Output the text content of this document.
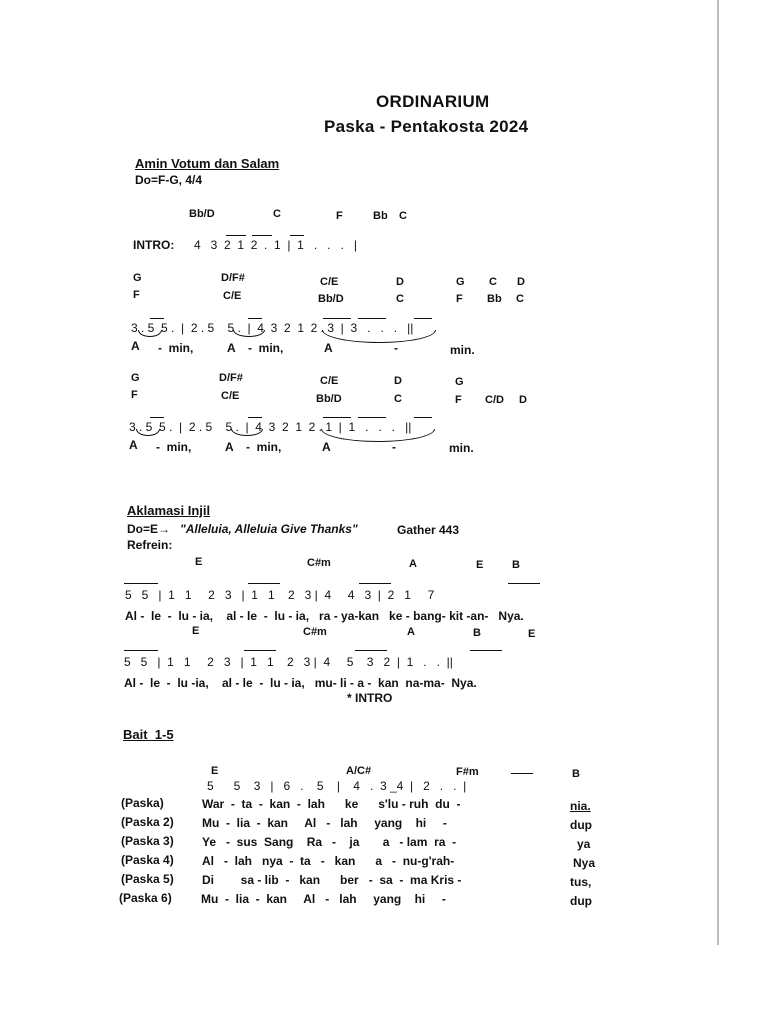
ORDINARIUM
Paska - Pentakosta 2024
Amin Votum dan Salam
Do=F-G, 4/4
Bb/D	C	F	Bb C
INTRO: 4   3  2  1  2  .  1  |  1   .   .   .   |
G	D/F#	C/E	D	G C D
F	C/E	Bb/D	C	F Bb C
3 . 5  5 .  |  2 . 5    5 .  |  4  3  2  1  2 . 3  |  3   .   .   .   ||
A -  min,	A -  min,	A	-	min.
G	D/F#	C/E	D	G
F	C/E	Bb/D	C	F C/D D
3 . 5  5 .  |  2 . 5    5 .  |  4  3  2  1  2 . 1  |  1   .   .   .   ||
A -  min,	A -  min,	A	-	min.
Aklamasi Injil
Do=E→ "Alleluia, Alleluia Give Thanks"	Gather 443
Refrein:
E	C#m	A	E	B
5   5   |  1   1     2   3   |  1   1    2   3 |  4     4   3  |  2   1     7
Al -  le  -  lu - ia,    al - le  -  lu - ia,   ra - ya-kan   ke - bang- kit -an-   Nya.
E	C#m	A	B	E
5   5   |  1   1     2   3   |  1   1    2   3 |  4     5    3   2  |  1   .   .  ||
Al -  le  -  lu -ia,    al - le  -  lu - ia,   mu- li - a -  kan  na-ma-  Nya.
* INTRO
Bait  1-5
E	A/C#	F#m	B
5      5    3   |   6   .    5    |    4   .  3 _4  |   2   .   .  |
(Paska)	War  -  ta  -  kan  -  lah      ke      s'lu - ruh  du  -	nia.
(Paska 2) Mu  -  lia  -  kan     Al   -   lah     yang    hi     -	dup
(Paska 3) Ye   -  sus  Sang    Ra   -    ja       a   - lam  ra  -	ya
(Paska 4) Al   -  lah   nya  -  ta   -   kan      a   -  nu-g'rah-	Nya
(Paska 5) Di        sa - lib  -   kan      ber   -  sa  -  ma Kris -	tus,
(Paska 6) Mu  -  lia  -  kan     Al   -   lah     yang    hi     -	dup
